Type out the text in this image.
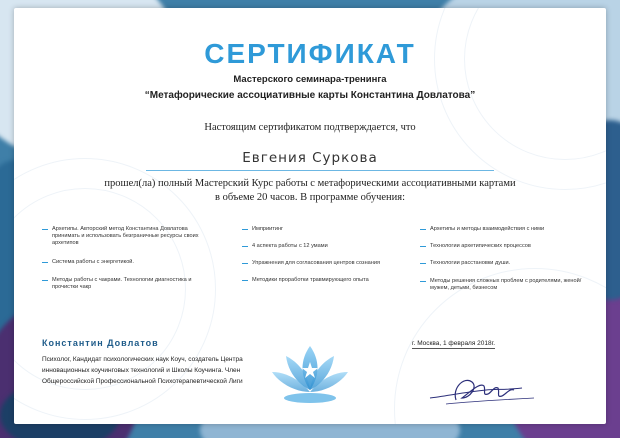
СЕРТИФИКАТ
Мастерского семинара-тренинга
“Метафорические ассоциативные карты Константина Довлатова”
Настоящим сертификатом подтверждается, что
Евгения Суркова
прошел(ла) полный Мастерский Курс работы с метафорическими ассоциативными картами
в объеме 20 часов. В программе обучения:
Архетипы. Авторский метод Константина Довлатова принимать и использовать безграничные ресурсы своих архетипов
Система работы с энергетикой.
Методы работы с чакрами. Технологии диагностика и прочистки чакр
Имприитинг
4 аспекта работы с 12 умами
Упражнения для согласования центров сознания
Методики проработки травмирующего опыта
Архетипы и методы взаимодействия с ними
Технологии архетипических процессов
Технологии расстановки души.
Методы решения сложных проблем с родителями, женой/мужем, детьми, бизнесом
Константин Довлатов
Психолог, Кандидат психологических наук Коуч, создатель Центра инновационных коучинговых технологий и Школы Коучинга. Член Общероссийской Профессиональной Психотерапевтической Лиги
г. Москва, 1 февраля 2018г.
